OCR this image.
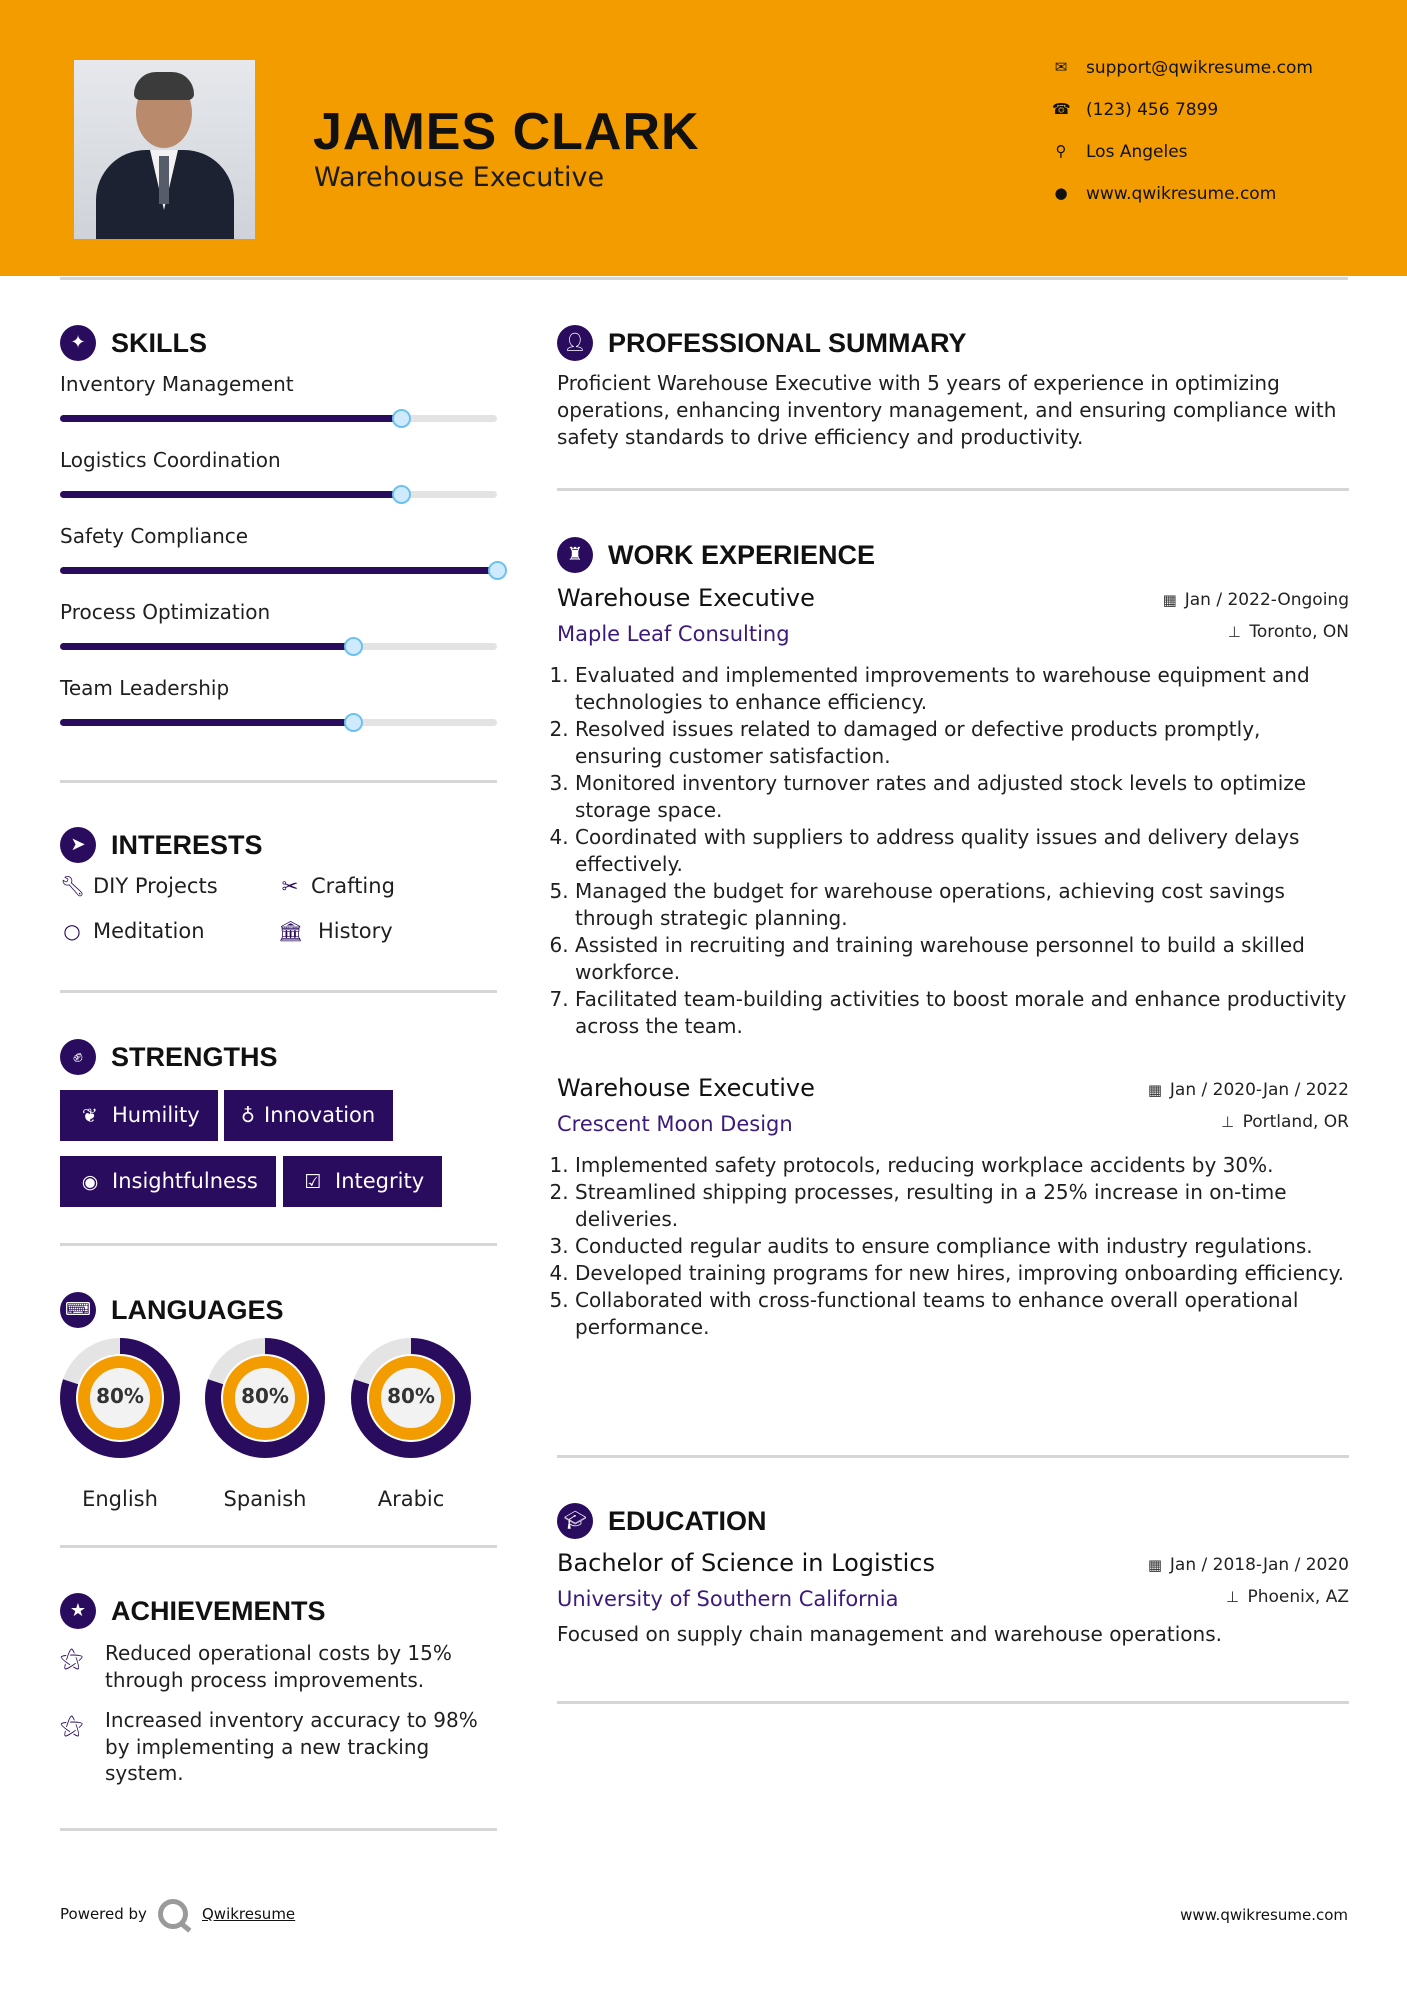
JAMES CLARK
Warehouse Executive
✉ support@qwikresume.com
☎ (123) 456 7899
⚲ Los Angeles
● www.qwikresume.com
✦ SKILLS
Inventory Management
Logistics Coordination
Safety Compliance
Process Optimization
Team Leadership
➤ INTERESTS
🔧︎ DIY Projects	✂ Crafting
○ Meditation	🏛︎ History
✊︎	STRENGTHS
❦ Humility	♁ Innovation
◉ Insightfulness	☑ Integrity
⌨ LANGUAGES
80%
English
80%
Spanish
80%
Arabic
★ ACHIEVEMENTS
⚝	Reduced operational costs by 15% through process improvements.
⚝	Increased inventory accuracy to 98% by implementing a new tracking system.
👤︎ PROFESSIONAL SUMMARY
Proficient Warehouse Executive with 5 years of experience in optimizing operations, enhancing inventory management, and ensuring compliance with safety standards to drive efficiency and productivity.
♜ WORK EXPERIENCE
Warehouse Executive
Maple Leaf Consulting
▦ Jan / 2022-Ongoing
⊥ Toronto, ON
1. Evaluated and implemented improvements to warehouse equipment and technologies to enhance efficiency.
2. Resolved issues related to damaged or defective products promptly, ensuring customer satisfaction.
3. Monitored inventory turnover rates and adjusted stock levels to optimize storage space.
4. Coordinated with suppliers to address quality issues and delivery delays effectively.
5. Managed the budget for warehouse operations, achieving cost savings through strategic planning.
6. Assisted in recruiting and training warehouse personnel to build a skilled workforce.
7. Facilitated team-building activities to boost morale and enhance productivity across the team.
Warehouse Executive
Crescent Moon Design
▦ Jan / 2020-Jan / 2022
⊥ Portland, OR
1. Implemented safety protocols, reducing workplace accidents by 30%.
2. Streamlined shipping processes, resulting in a 25% increase in on-time deliveries.
3. Conducted regular audits to ensure compliance with industry regulations.
4. Developed training programs for new hires, improving onboarding efficiency.
5. Collaborated with cross-functional teams to enhance overall operational performance.
🎓︎ EDUCATION
Bachelor of Science in Logistics
University of Southern California
▦ Jan / 2018-Jan / 2020
⊥ Phoenix, AZ
Focused on supply chain management and warehouse operations.
Powered by	Qwikresume	www.qwikresume.com
